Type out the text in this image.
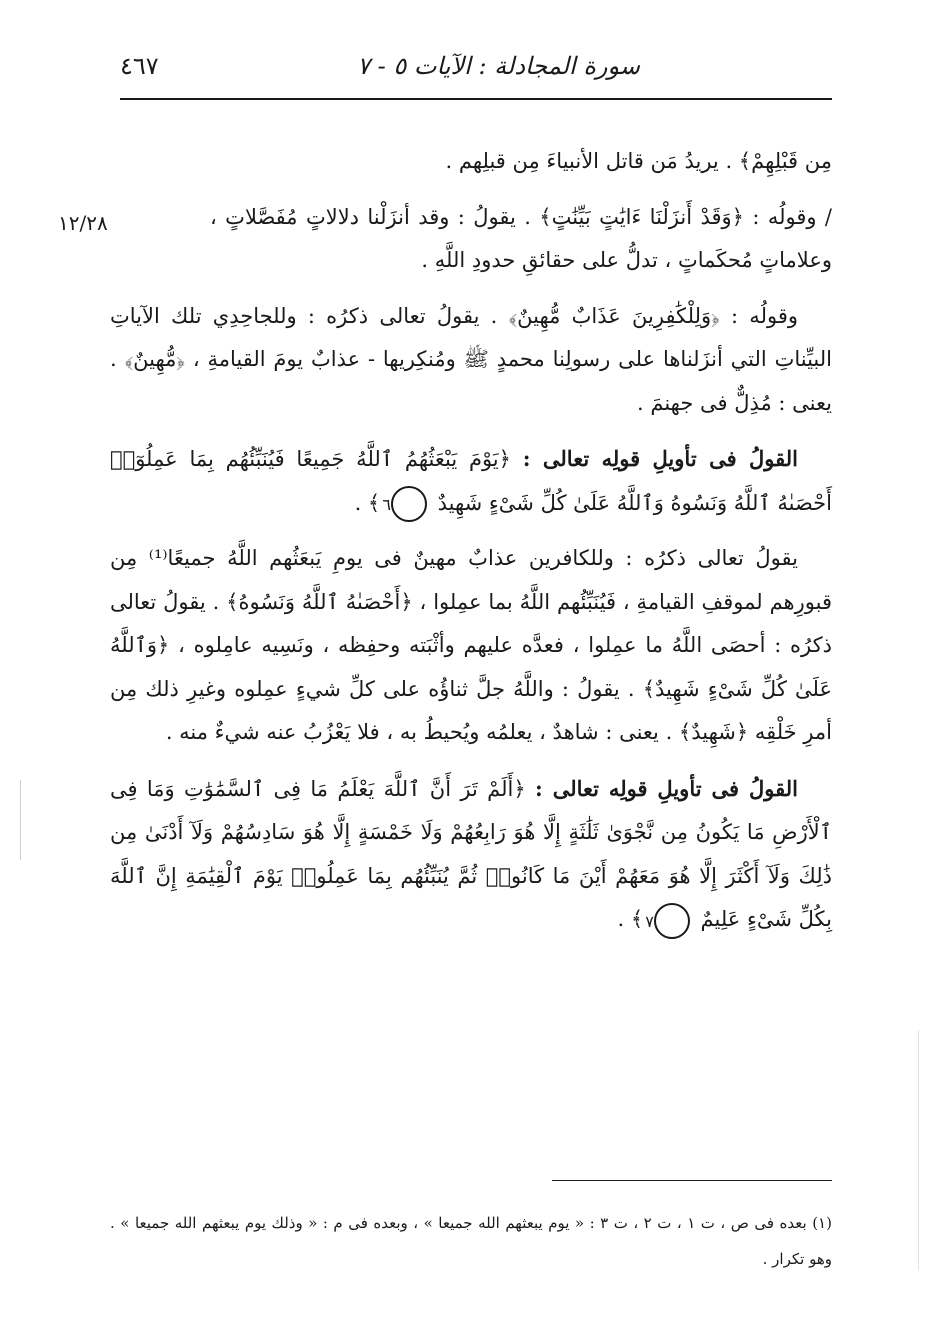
سورة المجادلة : الآيات ٥ - ٧
٤٦٧
١٢/٢٨

مِن قَبْلِهِمْ﴾ . يريدُ مَن قاتل الأنبياءَ مِن قبلِهم .

/ وقولُه : ﴿وَقَدْ أَنزَلْنَا ءَايَٰتٍ بَيِّنَٰتٍ﴾ . يقولُ : وقد أنزَلْنا دلالاتٍ مُفَصَّلاتٍ ، وعلاماتٍ مُحكَماتٍ ، تدلُّ على حقائقِ حدودِ اللَّهِ .

وقولُه : ﴿وَلِلْكَٰفِرِينَ عَذَابٌ مُّهِينٌ﴾ . يقولُ تعالى ذكرُه : وللجاحِدِي تلك الآياتِ البيِّناتِ التي أنزَلناها على رسولِنا محمدٍ ﷺ ومُنكِريها - عذابٌ يومَ القيامةِ ، ﴿مُّهِينٌ﴾ . يعنى : مُذِلٌّ فى جهنمَ .

القولُ فى تأويلِ قولِه تعالى : ﴿يَوْمَ يَبْعَثُهُمُ ٱللَّهُ جَمِيعًا فَيُنَبِّئُهُم بِمَا عَمِلُوٓا۟ أَحْصَىٰهُ ٱللَّهُ وَنَسُوهُ وَٱللَّهُ عَلَىٰ كُلِّ شَىْءٍ شَهِيدٌ ٦ ﴾ .

يقولُ تعالى ذكرُه : وللكافرين عذابٌ مهينٌ فى يومِ يَبعَثُهم اللَّهُ جميعًا⁽¹⁾ مِن قبورِهم لموقفِ القيامةِ ، فَيُنَبِّئُهم اللَّهُ بما عمِلوا ، ﴿أَحْصَىٰهُ ٱللَّهُ وَنَسُوهُ﴾ . يقولُ تعالى ذكرُه : أحصَى اللَّهُ ما عمِلوا ، فعدَّه عليهم وأثْبَته وحفِظه ، ونَسِيه عامِلوه ، ﴿وَٱللَّهُ عَلَىٰ كُلِّ شَىْءٍ شَهِيدٌ﴾ . يقولُ : واللَّهُ جلَّ ثناؤُه على كلِّ شيءٍ عمِلوه وغيرِ ذلك مِن أمرِ خَلْقِه ﴿شَهِيدٌ﴾ . يعنى : شاهدٌ ، يعلمُه ويُحيطُ به ، فلا يَعْزُبُ عنه شيءٌ منه .

القولُ فى تأويلِ قولِه تعالى : ﴿أَلَمْ تَرَ أَنَّ ٱللَّهَ يَعْلَمُ مَا فِى ٱلسَّمَٰوَٰتِ وَمَا فِى ٱلْأَرْضِ مَا يَكُونُ مِن نَّجْوَىٰ ثَلَٰثَةٍ إِلَّا هُوَ رَابِعُهُمْ وَلَا خَمْسَةٍ إِلَّا هُوَ سَادِسُهُمْ وَلَآ أَدْنَىٰ مِن ذَٰلِكَ وَلَآ أَكْثَرَ إِلَّا هُوَ مَعَهُمْ أَيْنَ مَا كَانُوا۟ ثُمَّ يُنَبِّئُهُم بِمَا عَمِلُوا۟ يَوْمَ ٱلْقِيَٰمَةِ إِنَّ ٱللَّهَ بِكُلِّ شَىْءٍ عَلِيمٌ ٧ ﴾ .

(١) بعده فى ص ، ت ١ ، ت ٢ ، ت ٣ : « يوم يبعثهم الله جميعا » ، وبعده فى م : « وذلك يوم يبعثهم الله جميعا » . وهو تكرار .
